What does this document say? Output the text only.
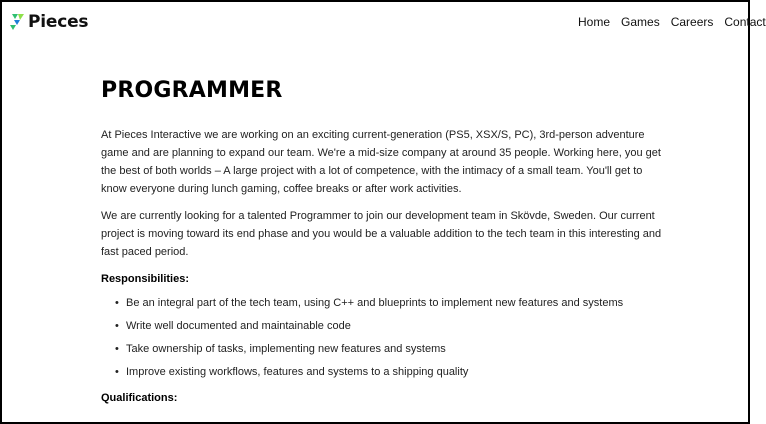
Pieces	Home Games Careers Contact
PROGRAMMER

At Pieces Interactive we are working on an exciting current-generation (PS5, XSX/S, PC), 3rd-person adventure game and are planning to expand our team. We're a mid-size company at around 35 people. Working here, you get the best of both worlds – A large project with a lot of competence, with the intimacy of a small team. You'll get to know everyone during lunch gaming, coffee breaks or after work activities.

We are currently looking for a talented Programmer to join our development team in Skövde, Sweden. Our current project is moving toward its end phase and you would be a valuable addition to the tech team in this interesting and fast paced period.

Responsibilities:

• Be an integral part of the tech team, using C++ and blueprints to implement new features and systems
• Write well documented and maintainable code
• Take ownership of tasks, implementing new features and systems
• Improve existing workflows, features and systems to a shipping quality

Qualifications:
